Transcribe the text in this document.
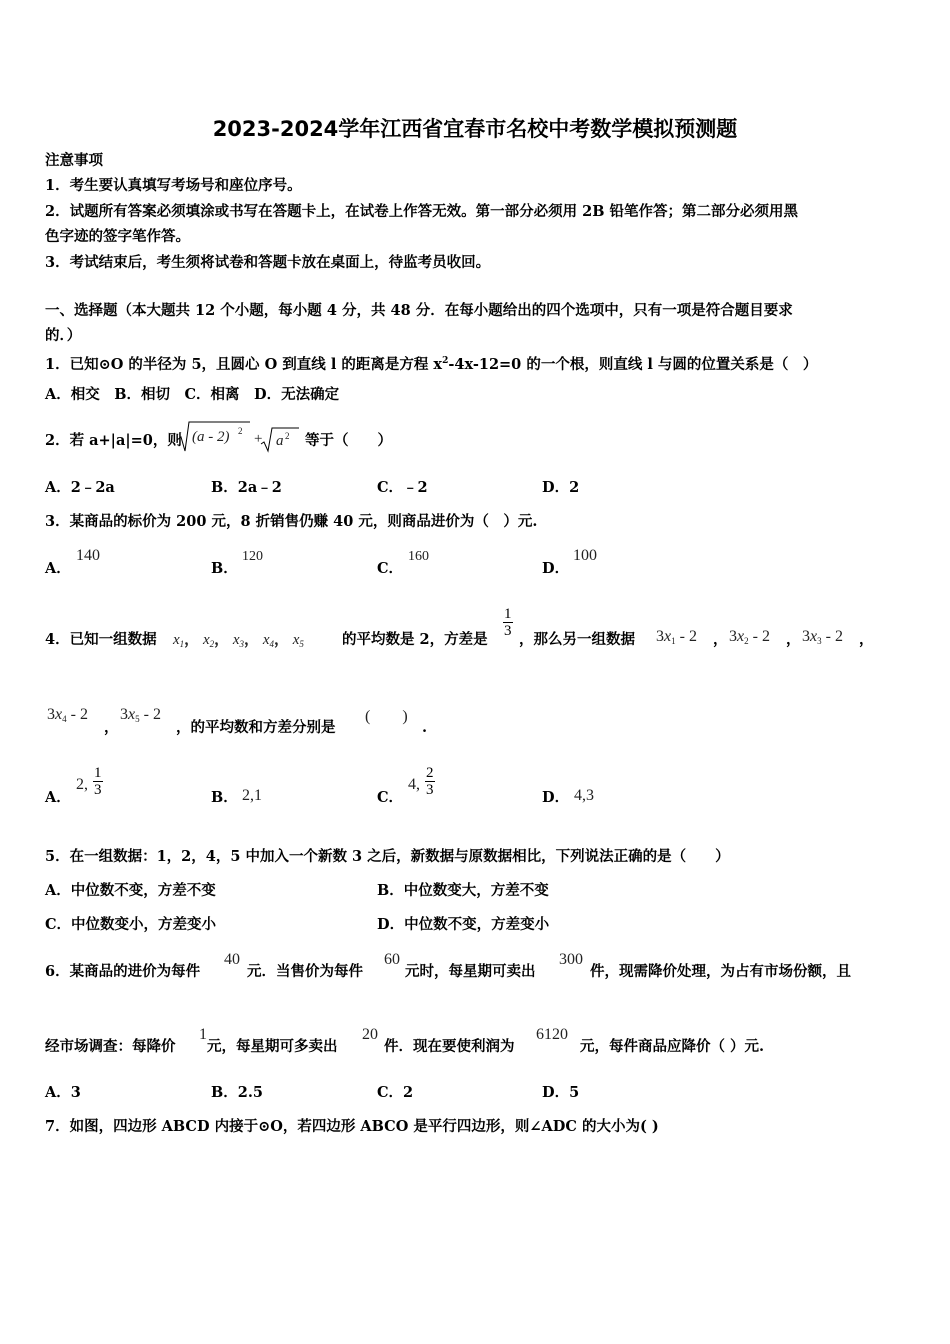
2023-2024学年江西省宜春市名校中考数学模拟预测题
注意事项
1．考生要认真填写考场号和座位序号。
2．试题所有答案必须填涂或书写在答题卡上，在试卷上作答无效。第一部分必须用 2B 铅笔作答；第二部分必须用黑
色字迹的签字笔作答。
3．考试结束后，考生须将试卷和答题卡放在桌面上，待监考员收回。
一、选择题（本大题共 12 个小题，每小题 4 分，共 48 分．在每小题给出的四个选项中，只有一项是符合题目要求
的．）
1．已知⊙O 的半径为 5，且圆心 O 到直线 l 的距离是方程 $x^2-4x-12=0$ 的一个根，则直线 l 与圆的位置关系是（　）
A．相交　B．相切　C．相离　D．无法确定
2．若 a+|a|=0，则 (a - 2) 2 + a 2 等于（　　）
A．2﹣2a	B．2a﹣2	C．﹣2	D．2
3．某商品的标价为 200 元，8 折销售仍赚 40 元，则商品进价为（　）元.
A．
140
B．
120
C．
160
D．
100
4．已知一组数据 $x_1$， $x_2$， $x_3$， $x_4$， $x_5$	的平均数是 2，方差是
$\frac{1}{3}$
，那么另一组数据 $3x_1 - 2$ ， $3x_2 - 2$ ， $3x_3 - 2$ ，
$3x_4 - 2$
，
$3x_5 - 2$
，的平均数和方差分别是
(　　)
.
A．
2, $\frac{1}{3}$	B． 2,1	C．
4, $\frac{2}{3}$	D． 4,3
5．在一组数据：1，2，4，5 中加入一个新数 3 之后，新数据与原数据相比，下列说法正确的是（　　）
A．中位数不变，方差不变	B．中位数变大，方差不变
C．中位数变小，方差变小	D．中位数不变，方差变小
6．某商品的进价为每件
40
元．当售价为每件
60
元时，每星期可卖出
300
件，现需降价处理，为占有市场份额，且
经市场调查：每降价
1
元，每星期可多卖出
20
件．现在要使利润为
6120
元，每件商品应降价（ ）元.
A．3	B．2.5	C．2	D．5
7．如图，四边形 ABCD 内接于⊙O，若四边形 ABCO 是平行四边形，则∠ADC 的大小为( )
